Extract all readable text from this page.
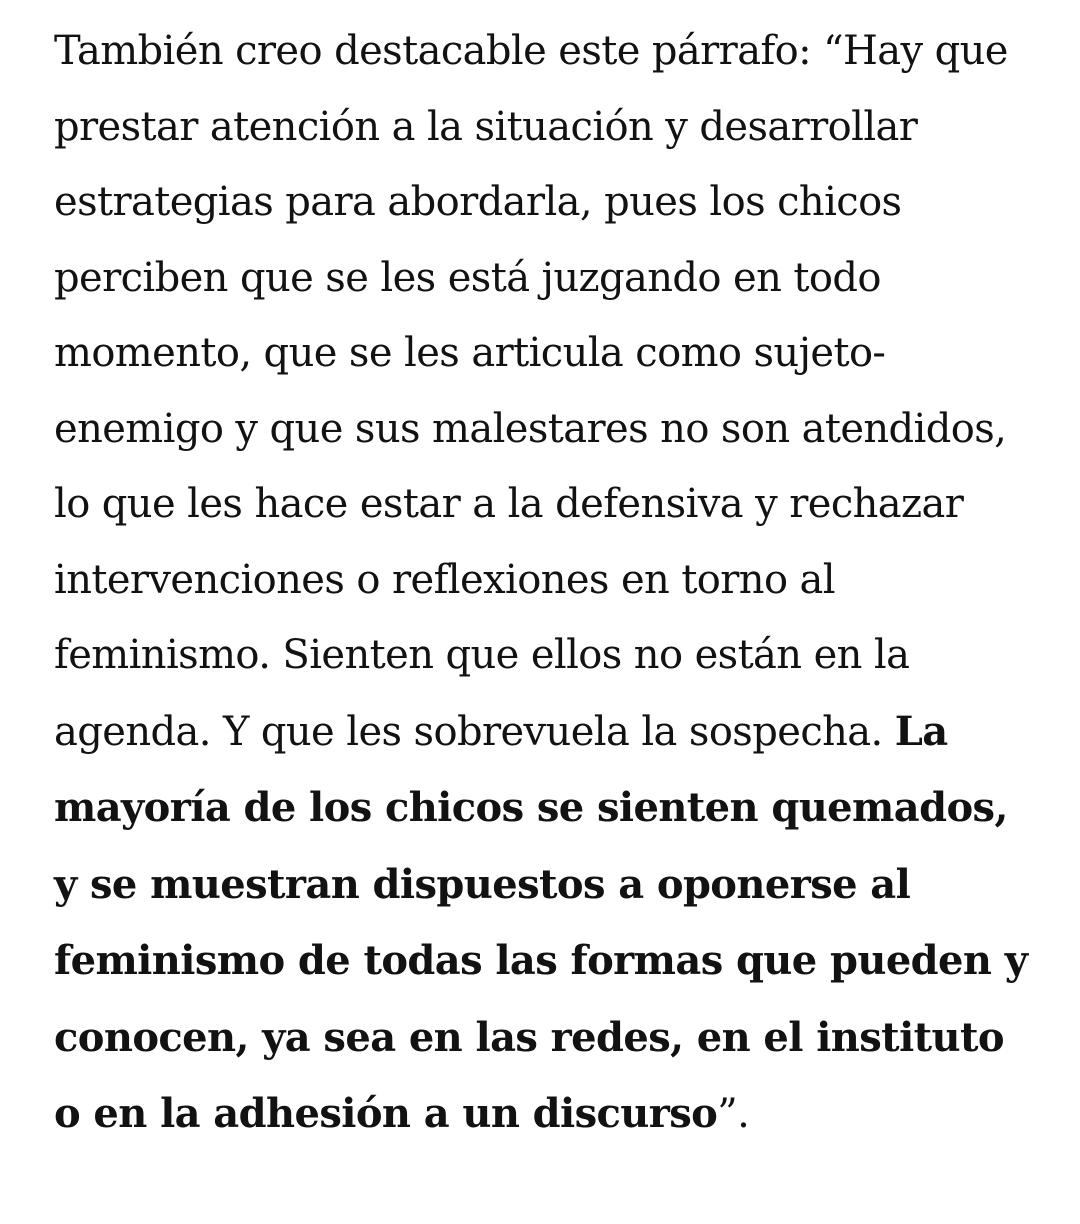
También creo destacable este párrafo: “Hay que prestar atención a la situación y desarrollar estrategias para abordarla, pues los chicos perciben que se les está juzgando en todo momento, que se les articula como sujeto-enemigo y que sus malestares no son atendidos, lo que les hace estar a la defensiva y rechazar intervenciones o reflexiones en torno al feminismo. Sienten que ellos no están en la agenda. Y que les sobrevuela la sospecha. La mayoría de los chicos se sienten quemados, y se muestran dispuestos a oponerse al feminismo de todas las formas que pueden y conocen, ya sea en las redes, en el instituto o en la adhesión a un discurso”.
